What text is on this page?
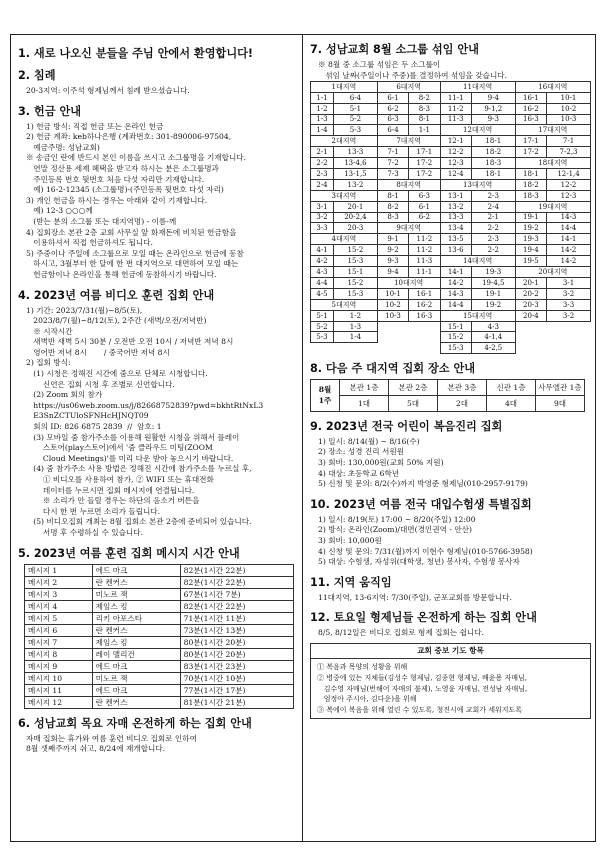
1. 새로 나오신 분들을 주님 안에서 환영합니다!
2. 침례
20-3지역: 이주석 형제님께서 침례 받으셨습니다.
3. 헌금 안내
1) 헌금 방식: 직접 헌금 또는 온라인 헌금
2) 헌금 계좌: keb하나은행 (계좌번호: 301-890006-97504,
예금주명: 성남교회)
※ 송금인 란에 반드시 본인 이름을 쓰시고 소그룹명을 기재합니다.
연말 정산용 세제 혜택을 받고자 하시는 분은 소그룹명과
주민등록 번호 뒷번호 처음 다섯 자리만 기재합니다.
예) 16-2-12345 (소그룹명)-(주민등록 뒷번호 다섯 자리)
3) 개인 헌금을 하시는 경우는 아래와 같이 기재합니다.
예) 12-3 ○○○께
(받는 분의 소그룹 또는 대지역명) - 이름-께
4) 집회장소 본관 2층 교회 사무실 앞 화재돈에 비치된 헌금함을
이용하셔서 직접 헌금하셔도 됩니다.
5) 주중이나 주일에 소그룹으로 모일 때는 온라인으로 헌금에 동참
하시고, 3월부터 한 달에 한 번 대지역으로 대면하여 모일 때는
헌금함이나 온라인을 통해 헌금에 동참하시기 바랍니다.
4. 2023년 여름 비디오 훈련 집회 안내
1) 기간: 2023/7/31(월)~8/5(토),
2023/8/7(월)~8/12(토), 2주간 (새벽/오전/저녁반)
※ 시작시간
새벽반 새벽 5시 30분 / 오전반 오전 10시 / 저녁반 저녁 8시
영어반 저녁 8시       / 중국어반 저녁 8시
2) 집회 방식:
(1) 시청은 정해진 시간에 줌으로 단체로 시청합니다.
신언은 집회 시청 후 조별로 신언합니다.
(2) Zoom 회의 참가
https://us06web.zoom.us/j/82668752839?pwd=bkhtRtNxL3
E3SnZCTUloSFNHcHJNQT09
회의 ID: 826 6875 2839  //  암호: 1
(3) 모바일 줌 참가주소를 이용해 원활한 시청을 위해서 플레이
스토어(play스토어)에서 '줌 클라우드 미팅(ZOOM
Cloud Meetings)'를 미리 다운 받아 놓으시기 바랍니다.
(4) 줌 참가주소 사용 방법은 정해진 시간에 참가주소를 누르실 후,
① 비디오를 사용하여 참가, ② WIFI 또는 휴대전화
데이터를 누르시면 집회 메시지에 연결됩니다.
※ 소리가 안 들릴 경우는 하단의 음소거 버튼을
다시 한 번 누르면 소리가 들립니다.
(5) 비디오집회 개최는 8월 집회소 본관 2층에 준비되어 있습니다.
서명 후 수령하실 수 있습니다.
5. 2023년 여름 훈련 집회 메시지 시간 안내
메시지 1	에드 마크	82분(1시간 22분)
메시지 2	란 켄커스	82분(1시간 22분)
메시지 3	미노르 잭	67분(1시간 7분)
메시지 4	제임스 킹	82분(1시간 22분)
메시지 5	리키 아포스타	71분(1시간 11분)
메시지 6	란 켄커스	73분(1시간 13분)
메시지 7	제임스 킹	80분(1시간 20분)
메시지 8	레이 멜리건	80분(1시간 20분)
메시지 9	에드 마크	83분(1시간 23분)
메시지 10	미노르 잭	70분(1시간 10분)
메시지 11	에드 마크	77분(1시간 17분)
메시지 12	란 켄커스	81분(1시간 21분)
6. 성남교회 목요 자매 온전하게 하는 집회 안내
자매 집회는 휴가와 여름 훈련 비디오 집회로 인하여
8월 셋째주까지 쉬고, 8/24에 재개합니다.
7. 성남교회 8월 소그룹 섞임 안내
※ 8월 중 소그룹 섞임은 두 소그룹이
섞임 날짜(주일이나 주중)를 결정하여 섞임을 갖습니다.
1대지역		6대지역		11대지역		16대지역	
1-1	6-4	6-1	8-2	11-1	9-4	16-1	10-1
1-2	5-1	6-2	8-3	11-2	9-1,2	16-2	10-2
1-3	5-2	6-3	8-1	11-3	9-3	16-3	10-3
1-4	5-3	6-4	1-1	12대지역		17대지역	
2대지역		7대지역		12-1	18-1	17-1	7-1
2-1	13-3	7-1	17-1	12-2	18-2	17-2	7-2,3
2-2	13-4,6	7-2	17-2	12-3	18-3	18대지역	
2-3	13-1,5	7-3	17-2	12-4	18-1	18-1	12-1,4
2-4	13-2	8대지역		13대지역		18-2	12-2
3대지역		8-1	6-3	13-1	2-3	18-3	12-3
3-1	20-1	8-2	6-1	13-2	2-4	19대지역	
3-2	20-2,4	8-3	6-2	13-3	2-1	19-1	14-3
3-3	20-3	9대지역		13-4	2-2	19-2	14-4
4대지역		9-1	11-2	13-5	2-3	19-3	14-1
4-1	15-2	9-2	11-2	13-6	2-2	19-4	14-2
4-2	15-3	9-3	11-3	14대지역		19-5	14-2
4-3	15-1	9-4	11-1	14-1	19-3	20대지역	
4-4	15-2	10대지역		14-2	19-4,5	20-1	3-1
4-5	15-3	10-1	16-1	14-3	19-1	20-2	3-2
5대지역		10-2	16-2	14-4	19-2	20-3	3-3
5-1	1-2	10-3	16-3	15대지역		20-4	3-2
5-2	1-3			15-1	4-3		
5-3	1-4			15-2	4-1,4		
				15-3	4-2,5		
8. 다음 주 대지역 집회 장소 안내
8월
1주	본관 1층	본관 2층	본관 3층	신관 1층	사무엘관 1층
	1대	5대	2대	4대	9대
9. 2023년 전국 어린이 복음진리 집회
1) 일시: 8/14(월) ~ 8/16(수)
2) 장소: 성경 진리 서원원
3) 회비: 130,000원(교회 50% 지원)
4) 대상: 초등학교 6학년
5) 신청 및 문의: 8/2(수)까지 박영준 형제님(010-2957-9179)
10. 2023년 여름 전국 대입수험생 특별집회
1) 일시: 8/19(토) 17:00 ~ 8/20(주일) 12:00
2) 방식: 온라인(Zoom)/대면(경인권역 - 안산)
3) 회비: 10,000원
4) 신청 및 문의: 7/31(월)까지 이현수 형제님(010-5766-3958)
5) 대상: 수험생, 자성위(대학생, 청년) 봉사자, 수험생 봉사자
11. 지역 움직임
11대지역, 13-6지역: 7/30(주일), 군포교회를 방문합니다.
12. 토요일 형제님들 온전하게 하는 집회 안내
8/5, 8/12일은 비디오 집회로 형제 집회는 쉽니다.
교회 중보 기도 항목
① 복음과 목양의 성황을 위해
② 병중에 있는 지체들(김성수 형제님, 김종현 형제님, 배윤용 자매님,
김수영 자매님(번해어 자매의 불제), 노영윤 자매님, 전성남 자매님,
엄정아 주시아, 김다운)을 위해
③ 복에이 복음을 위해 열린 수 있도록, 청진시에 교회가 세워지도록
